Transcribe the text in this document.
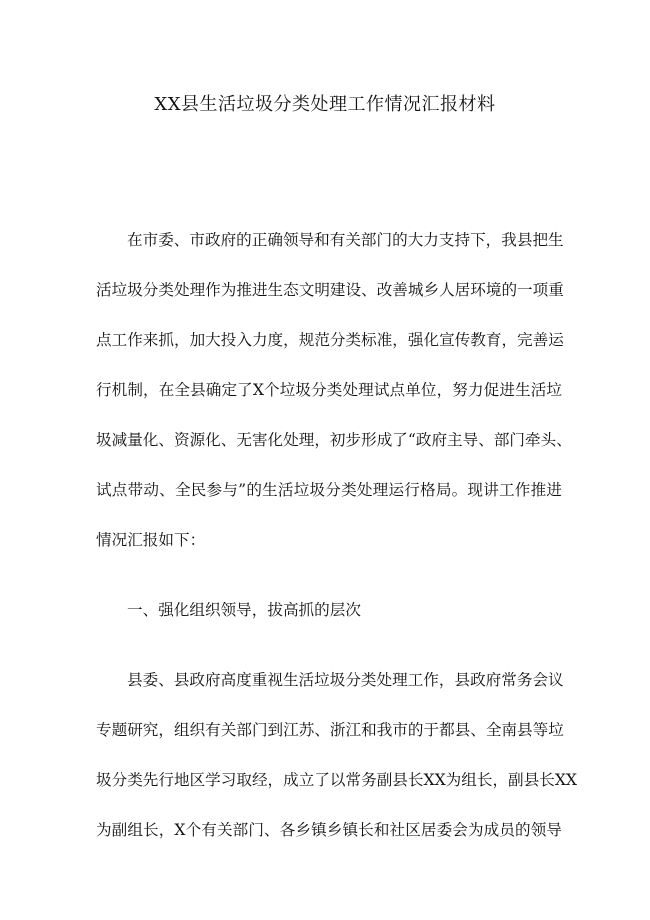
XX县生活垃圾分类处理工作情况汇报材料

在市委、市政府的正确领导和有关部门的大力支持下，我县把生

活垃圾分类处理作为推进生态文明建设、改善城乡人居环境的一项重

点工作来抓，加大投入力度，规范分类标准，强化宣传教育，完善运

行机制，在全县确定了X个垃圾分类处理试点单位，努力促进生活垃

圾减量化、资源化、无害化处理，初步形成了“政府主导、部门牵头、

试点带动、全民参与”的生活垃圾分类处理运行格局。现讲工作推进

情况汇报如下：

一、强化组织领导，拔高抓的层次

县委、县政府高度重视生活垃圾分类处理工作，县政府常务会议

专题研究，组织有关部门到江苏、浙江和我市的于都县、全南县等垃

圾分类先行地区学习取经，成立了以常务副县长XX为组长，副县长XX

为副组长，X个有关部门、各乡镇乡镇长和社区居委会为成员的领导
